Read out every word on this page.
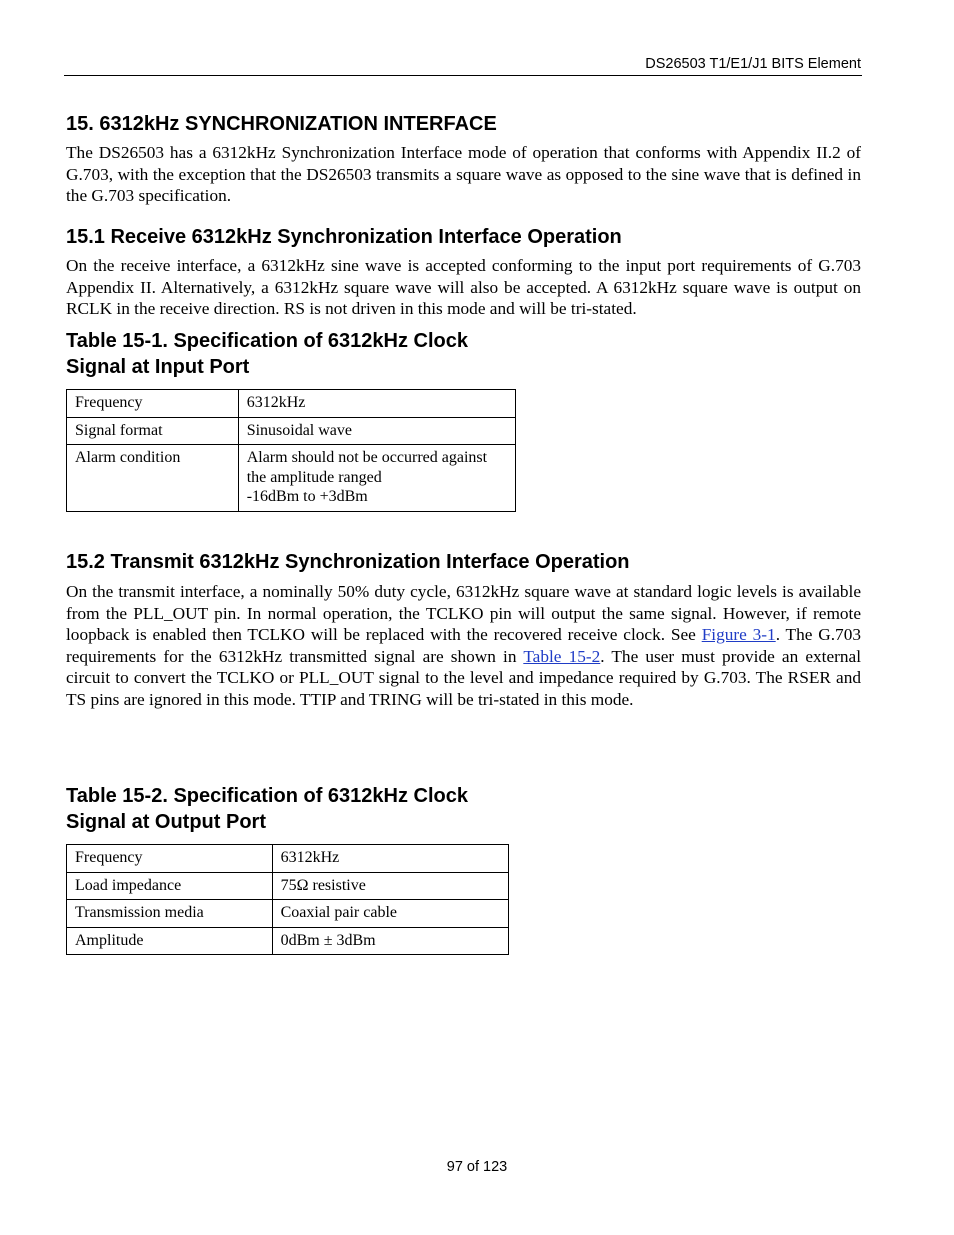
DS26503 T1/E1/J1 BITS Element
15. 6312kHz SYNCHRONIZATION INTERFACE

The DS26503 has a 6312kHz Synchronization Interface mode of operation that conforms with Appendix II.2 of G.703, with the exception that the DS26503 transmits a square wave as opposed to the sine wave that is defined in the G.703 specification.

15.1 Receive 6312kHz Synchronization Interface Operation

On the receive interface, a 6312kHz sine wave is accepted conforming to the input port requirements of G.703 Appendix II. Alternatively, a 6312kHz square wave will also be accepted. A 6312kHz square wave is output on RCLK in the receive direction. RS is not driven in this mode and will be tri-stated.

Table 15-1. Specification of 6312kHz Clock
Signal at Input Port
Frequency	6312kHz
Signal format	Sinusoidal wave
Alarm condition	Alarm should not be occurred against
the amplitude ranged
-16dBm to +3dBm
15.2 Transmit 6312kHz Synchronization Interface Operation

On the transmit interface, a nominally 50% duty cycle, 6312kHz square wave at standard logic levels is available from the PLL_OUT pin. In normal operation, the TCLKO pin will output the same signal. However, if remote loopback is enabled then TCLKO will be replaced with the recovered receive clock. See Figure 3-1. The G.703 requirements for the 6312kHz transmitted signal are shown in Table 15-2. The user must provide an external circuit to convert the TCLKO or PLL_OUT signal to the level and impedance required by G.703. The RSER and TS pins are ignored in this mode. TTIP and TRING will be tri-stated in this mode.

Table 15-2. Specification of 6312kHz Clock
Signal at Output Port
Frequency	6312kHz
Load impedance	75Ω resistive
Transmission media	Coaxial pair cable
Amplitude	0dBm ± 3dBm
97 of 123
